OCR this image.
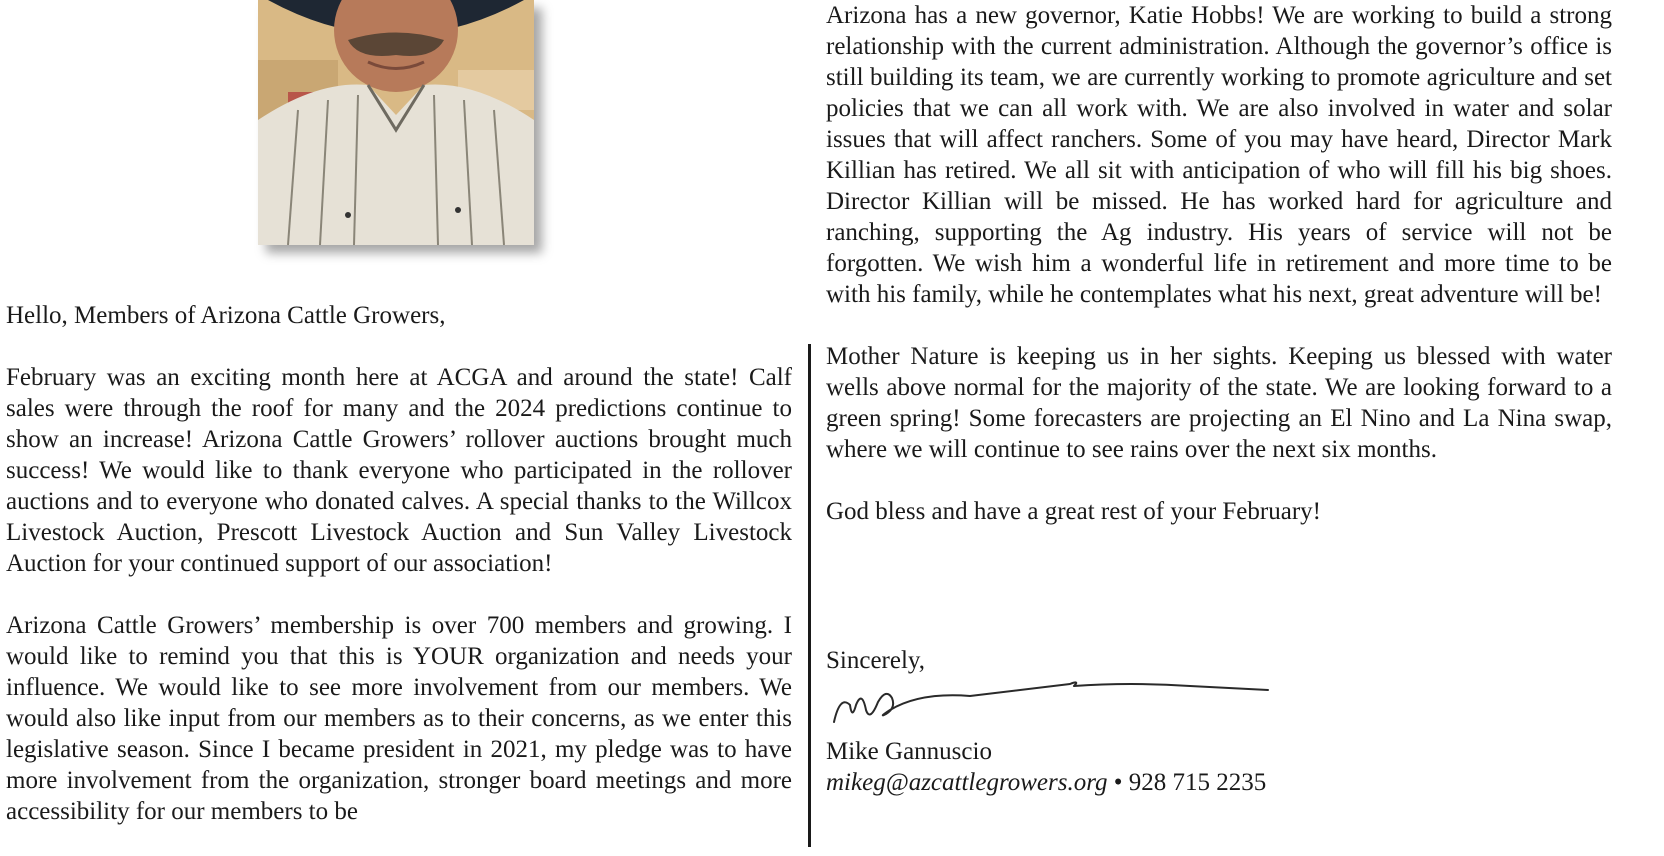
Hello, Members of Arizona Cattle Growers,

February was an exciting month here at ACGA and around the state! Calf sales were through the roof for many and the 2024 predictions continue to show an increase! Arizona Cattle Growers’ rollover auctions brought much success! We would like to thank everyone who participated in the rollover auctions and to everyone who donated calves. A special thanks to the Willcox Livestock Auction, Prescott Livestock Auction and Sun Valley Livestock Auction for your continued support of our association!

Arizona Cattle Growers’ membership is over 700 members and growing. I would like to remind you that this is YOUR organization and needs your influence. We would like to see more involvement from our members. We would also like input from our members as to their concerns, as we enter this legislative season. Since I became president in 2021, my pledge was to have more involvement from the organization, stronger board meetings and more accessibility for our members to be

Arizona has a new governor, Katie Hobbs! We are working to build a strong relationship with the current administration. Although the governor’s office is still building its team, we are currently working to promote agriculture and set policies that we can all work with. We are also involved in water and solar issues that will affect ranchers. Some of you may have heard, Director Mark Killian has retired. We all sit with anticipation of who will fill his big shoes. Director Killian will be missed. He has worked hard for agriculture and ranching, supporting the Ag industry. His years of service will not be forgotten. We wish him a wonderful life in retirement and more time to be with his family, while he contemplates what his next, great adventure will be!

Mother Nature is keeping us in her sights. Keeping us blessed with water wells above normal for the majority of the state. We are looking forward to a green spring! Some forecasters are projecting an El Nino and La Nina swap, where we will continue to see rains over the next six months.

God bless and have a great rest of your February!

Sincerely,
Mike Gannuscio
mikeg@azcattlegrowers.org • 928 715 2235
